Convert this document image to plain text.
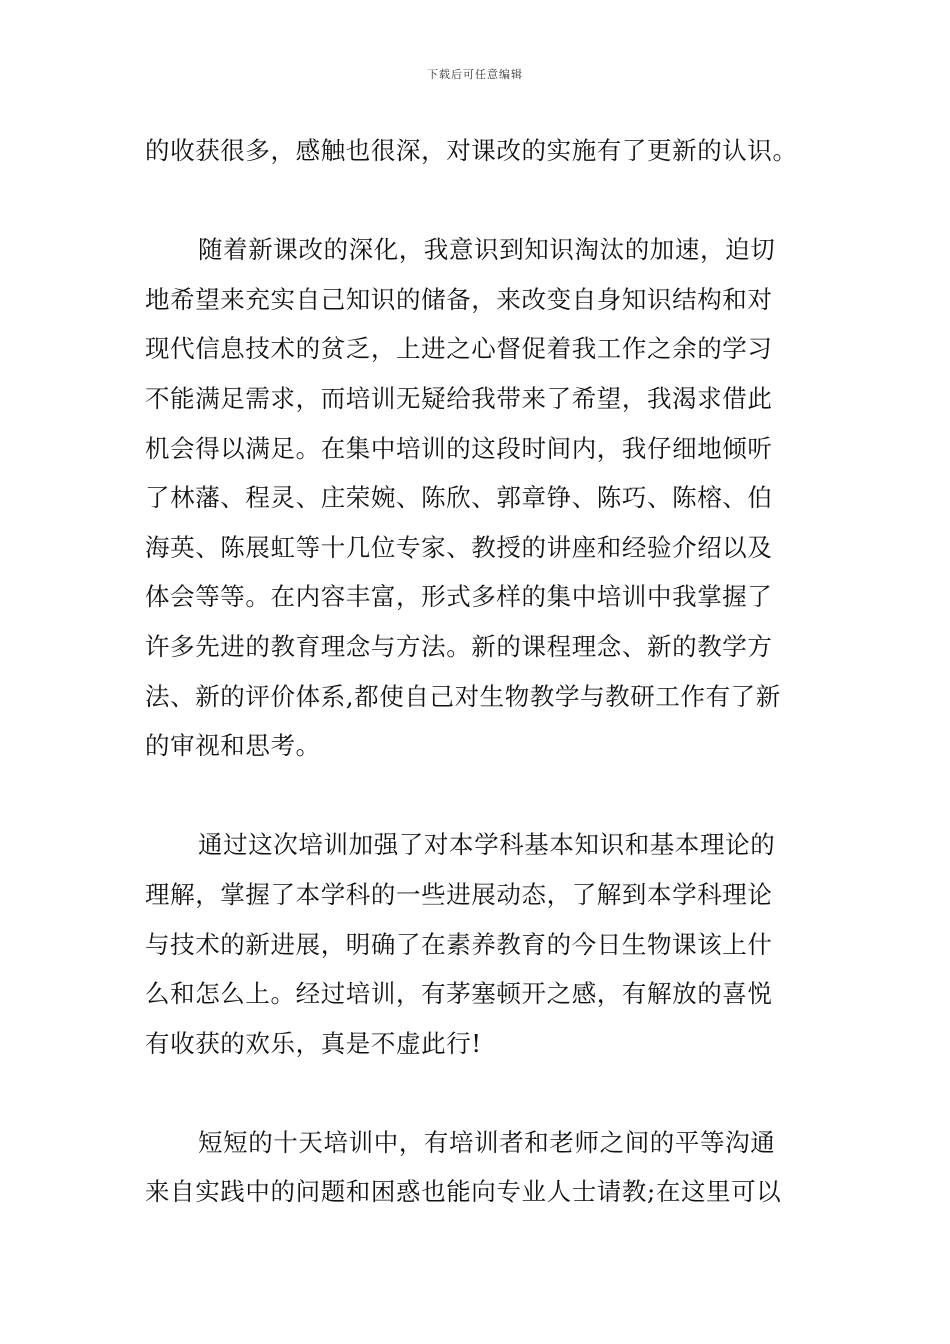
下载后可任意编辑
的收获很多，感触也很深，对课改的实施有了更新的认识。
随着新课改的深化，我意识到知识淘汰的加速，迫切
地希望来充实自己知识的储备，来改变自身知识结构和对
现代信息技术的贫乏，上进之心督促着我工作之余的学习
不能满足需求，而培训无疑给我带来了希望，我渴求借此
机会得以满足。在集中培训的这段时间内，我仔细地倾听
了林藩、程灵、庄荣婉、陈欣、郭章铮、陈巧、陈榕、伯
海英、陈展虹等十几位专家、教授的讲座和经验介绍以及
体会等等。在内容丰富，形式多样的集中培训中我掌握了
许多先进的教育理念与方法。新的课程理念、新的教学方
法、新的评价体系,都使自己对生物教学与教研工作有了新
的审视和思考。
通过这次培训加强了对本学科基本知识和基本理论的
理解，掌握了本学科的一些进展动态，了解到本学科理论
与技术的新进展，明确了在素养教育的今日生物课该上什
么和怎么上。经过培训，有茅塞顿开之感，有解放的喜悦
有收获的欢乐，真是不虚此行!
短短的十天培训中，有培训者和老师之间的平等沟通
来自实践中的问题和困惑也能向专业人士请教;在这里可以
